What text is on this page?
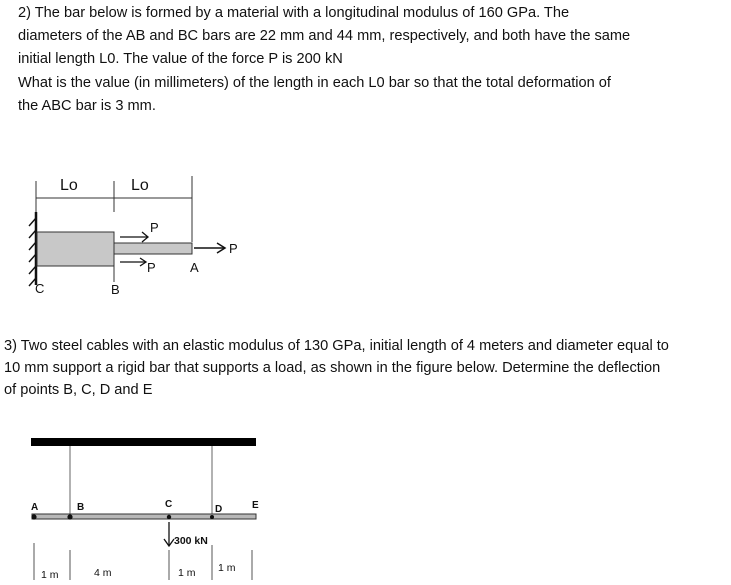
2) The bar below is formed by a material with a longitudinal modulus of 160 GPa. The
diameters of the AB and BC bars are 22 mm and 44 mm, respectively, and both have the same
initial length L0. The value of the force P is 200 kN
What is the value (in millimeters) of the length in each L0 bar so that the total deformation of
the ABC bar is 3 mm.
3) Two steel cables with an elastic modulus of 130 GPa, initial length of 4 meters and diameter equal to
10 mm support a rigid bar that supports a load, as shown in the figure below. Determine the deflection
of points B, C, D and E
Lo	Lo
P
P
P
A
B
C
A	B	C	D	E
300 kN
1 m	4 m	1 m 1 m
